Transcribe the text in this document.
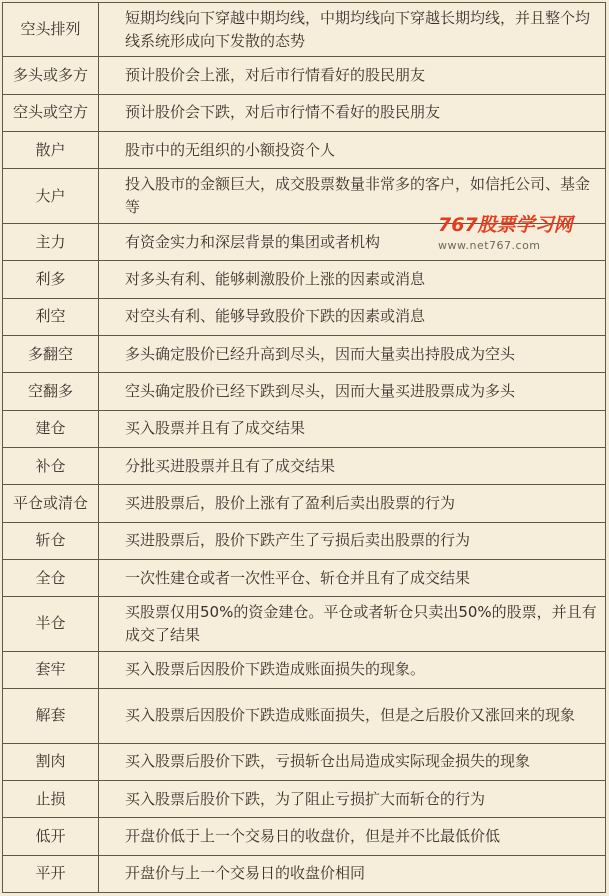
空头排列	短期均线向下穿越中期均线，中期均线向下穿越长期均线，并且整个均线系统形成向下发散的态势
多头或多方	预计股价会上涨，对后市行情看好的股民朋友
空头或空方	预计股价会下跌，对后市行情不看好的股民朋友
散户	股市中的无组织的小额投资个人
大户	投入股市的金额巨大，成交股票数量非常多的客户，如信托公司、基金等
主力	有资金实力和深层背景的集团或者机构
利多	对多头有利、能够刺激股价上涨的因素或消息
利空	对空头有利、能够导致股价下跌的因素或消息
多翻空	多头确定股价已经升高到尽头，因而大量卖出持股成为空头
空翻多	空头确定股价已经下跌到尽头，因而大量买进股票成为多头
建仓	买入股票并且有了成交结果
补仓	分批买进股票并且有了成交结果
平仓或清仓	买进股票后，股价上涨有了盈利后卖出股票的行为
斩仓	买进股票后，股价下跌产生了亏损后卖出股票的行为
全仓	一次性建仓或者一次性平仓、斩仓并且有了成交结果
半仓	买股票仅用50%的资金建仓。平仓或者斩仓只卖出50%的股票，并且有成交了结果
套牢	买入股票后因股价下跌造成账面损失的现象。
解套	买入股票后因股价下跌造成账面损失，但是之后股价又涨回来的现象
割肉	买入股票后股价下跌，亏损斩仓出局造成实际现金损失的现象
止损	买入股票后股价下跌，为了阻止亏损扩大而斩仓的行为
低开	开盘价低于上一个交易日的收盘价，但是并不比最低价低
平开	开盘价与上一个交易日的收盘价相同
767股票学习网
www.net767.com
